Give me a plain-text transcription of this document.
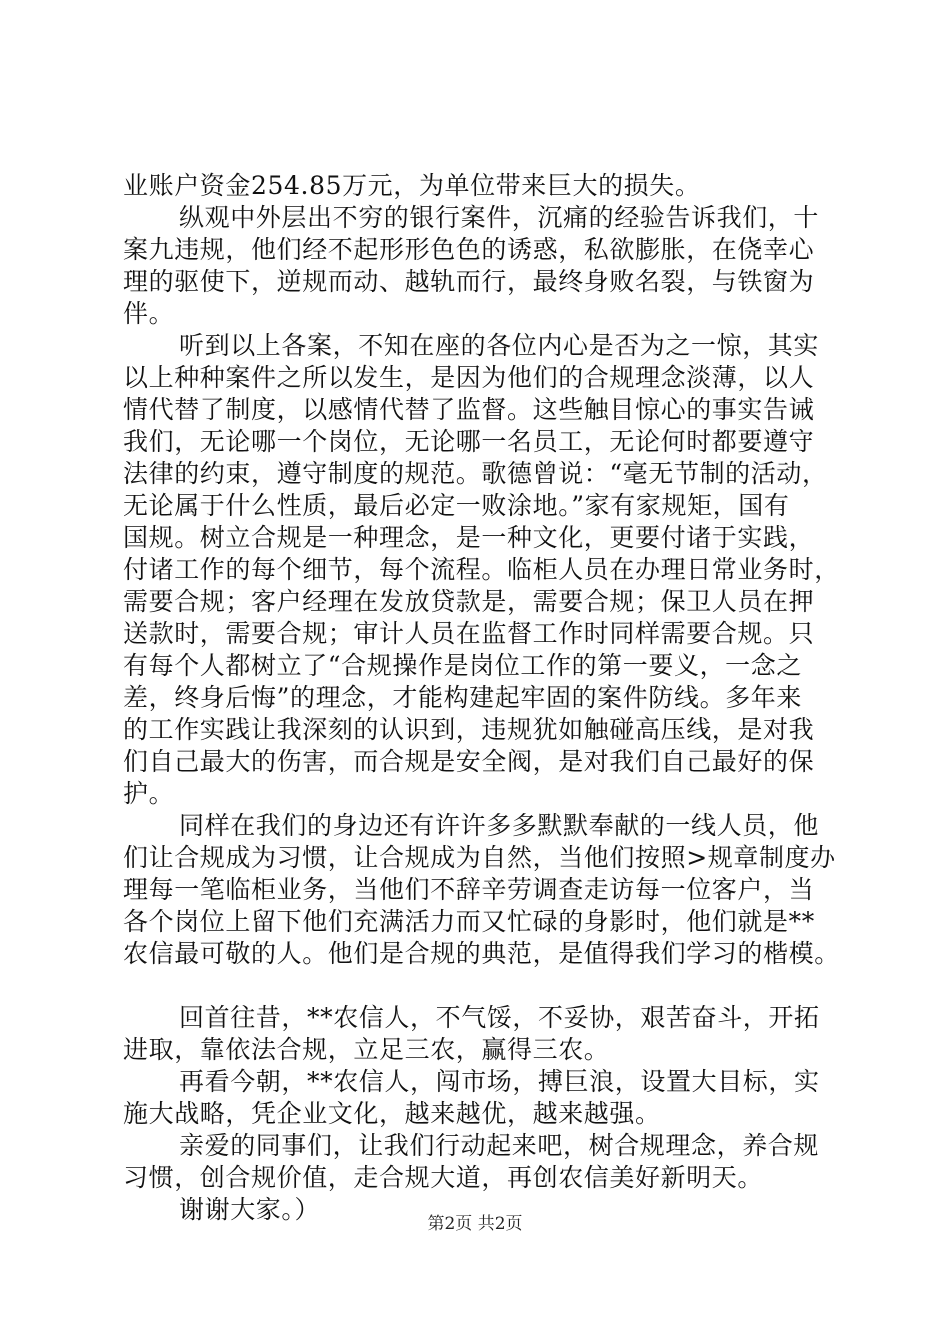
业账户资金254.85万元，为单位带来巨大的损失。
纵观中外层出不穷的银行案件，沉痛的经验告诉我们，十
案九违规，他们经不起形形色色的诱惑，私欲膨胀，在侥幸心
理的驱使下，逆规而动、越轨而行，最终身败名裂，与铁窗为
伴。
听到以上各案，不知在座的各位内心是否为之一惊，其实
以上种种案件之所以发生，是因为他们的合规理念淡薄，以人
情代替了制度，以感情代替了监督。这些触目惊心的事实告诫
我们，无论哪一个岗位，无论哪一名员工，无论何时都要遵守
法律的约束，遵守制度的规范。歌德曾说：“毫无节制的活动，
无论属于什么性质，最后必定一败涂地。”家有家规矩，国有
国规。树立合规是一种理念，是一种文化，更要付诸于实践，
付诸工作的每个细节，每个流程。临柜人员在办理日常业务时，
需要合规；客户经理在发放贷款是，需要合规；保卫人员在押
送款时，需要合规；审计人员在监督工作时同样需要合规。只
有每个人都树立了“合规操作是岗位工作的第一要义，一念之
差，终身后悔”的理念，才能构建起牢固的案件防线。多年来
的工作实践让我深刻的认识到，违规犹如触碰高压线，是对我
们自己最大的伤害，而合规是安全阀，是对我们自己最好的保
护。
同样在我们的身边还有许许多多默默奉献的一线人员，他
们让合规成为习惯，让合规成为自然，当他们按照>规章制度办
理每一笔临柜业务，当他们不辞辛劳调查走访每一位客户，当
各个岗位上留下他们充满活力而又忙碌的身影时，他们就是**
农信最可敬的人。他们是合规的典范，是值得我们学习的楷模。
回首往昔，**农信人，不气馁，不妥协，艰苦奋斗，开拓
进取，靠依法合规，立足三农，赢得三农。
再看今朝，**农信人，闯市场，搏巨浪，设置大目标，实
施大战略，凭企业文化，越来越优，越来越强。
亲爱的同事们，让我们行动起来吧，树合规理念，养合规
习惯，创合规价值，走合规大道，再创农信美好新明天。
谢谢大家。）	第2页 共2页
